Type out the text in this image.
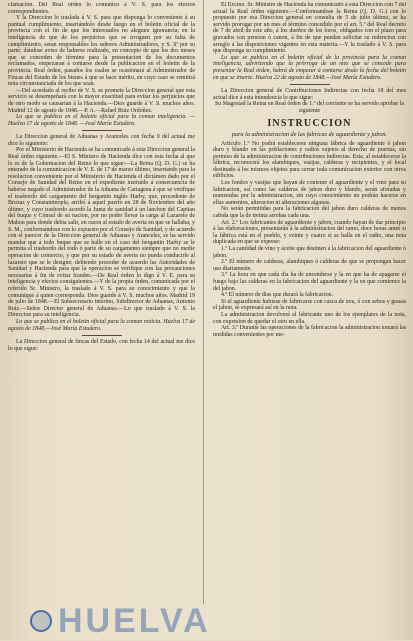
clamacion. Del Real órden lo comunico á V. S. para los efectos correspondientes.

Y la Direccion lo traslada á V. S. para que disponga lo conveniente á su puntual cumplimiento, insertándolo desde luego en el boletin oficial de la provincia con el fin de que los interesados no aleguen ignorancia; en la inteligencia de que de los perjuicios que se irroguen por su falta de cumplimiento, seran responsables los señores Administradores, y S. Sª por su parte; dándose aviso de haberse realizado, en concepto de que los dos meses que se conceden de término para la presentacion de los documentos reclamados, empezaran á contarse desde la publicacion en el boletin de la provincia. Real órden, pasados los cuales se ocasionará al Administrador de Fincas del Estado de los bienes á que se hace mérito, en cuyo caso se remitirá nota circunstanciada de los que sean.

—Del acordado al recibo de V. S. se promete la Direccion general que esta servicio se desempeñará con la mayor exactitud para evitar los perjuicios que de otro modo se causarian á la Hacienda.—Dios guarde á V. S. muchos años. Madrid 12 de agosto de 1848.—P. A.—Rafael Ruiz Ordoñez.

Lo que se publica en el boletin oficial para la comun inteligencia. —Huelva 17 de agosto de 1848. —José María Estudero.

La Direccion general de Aduanas y Aranceles con fecha 9 del actual me dice lo siguiente:

Por el Ministerio de Hacienda se ha comunicado á esta Direccion general la Real órden siguiente.—El S. Ministro de Hacienda dice con esta fecha al que lo es de la Gobernacion del Reino lo que sigue:—La Reina (Q. D. G.) se ha enterado de la comunicacion de V. E. de 17 de marzo último, insertando para la resolucion conveniente por el Ministerio de Hacienda el dictámen dado por el Consejo de Sanidad del Reino en el expediente instruido á consecuencia de haberse negado el Administrador de la Aduana de Cartagena á que se verifique el trasbordo del cargamento del bergantin inglés Harby, que, procedente de Bruxas y Constantinopla, arribó á aquel puerto en 28 de Noviembre del año último, y cuyo trasbordo acordó la Junta de sanidad á un lanchon del Capitan del buque y Cónsul de su nacion, por no poder llevar la carga al Lazareto de Mahon para donde debia salir, en razon al estado de averia en que se hallaba; y S. M., conformándose con lo expuesto por el Consejo de Sanidad, y de acuerdo con el parecer de la Direccion general de Aduanas y Aranceles, se ha servido mandar que á todo buque que se halle en el caso del bergantin Harby se le permita el trasbordo del todo ó parte de su cargamento siempre que no medie operacion de comercio, y que por su estado de averia no pueda conducirle al lazareto que se le designe; debiendo proceder de acuerdo las Autoridades de Sanidad y Hacienda para que la operacion se verifique con las precauciones necesarias á fin de evitar fraudes.—De Real órden lo digo á V. E. para su inteligencia y efectos consiguientes.—Y de la propia órden, comunicada por el referido Sr. Ministro, la traslado á V. S. para su conocimiento y que la comunique á quien corresponda. Dios guarde á V. S. muchos años. Madrid 19 de julio de 1848.—El Subsecretario interino, Subdirector de Aduanas, Antonio Ruiz.—Señor Director general de Aduanas.—Lo que traslado á V. S. la Direccion para su inteligencia.

Lo que se publica en el boletin oficial para la comun noticia. Huelva 17 de agosto de 1848.—José María Estudero.

La Direccion general de fincas del Estado, con fecha 14 del actual me dice lo que sigue:

El Excmo. Sr. Ministro de Hacienda ha comunicado á esta Direccion con 7 del actual la Real órden siguiente.—Conformandose la Reina (Q. D. G.) con lo propuesto por esa Direccion general en consulta de 5 de julio último, se ha servido prorogar por un mes el término concedido por el art. 5.º del Real decreto de 7 de abril de este año, á los dueños de los foros, obligados con el plazo para gravados con pension ó canon, á fin de que puedan solicitar su redencion con arreglo á las disposiciones vigentes en esta materia.—Y la traslado á V. S. para que disponga su cumplimiento.

Lo que se publica en el boletin oficial de la provincia para la comun inteligencia, advirtiendo que la prórroga de un mes que se concede para presentar la Real órden, habrá de empezar á contarse desde la fecha del boletin en que se inserte. Huelva 22 de agosto de 1848.—José María Estudero.

La Direccion general de Contribuciones Indirectas con fecha 18 del mes actual dice á esta intendencia lo que sigue:

Su Magestad la Reina en Real órden de 1.º del corriente se ha servido aprobar la siguiente

INSTRUCCION
para la administracion de las fabricas de aguardiente y jabon.

Artículo 1.º No podrá establecerse ninguna fábrica de aguardiente ó jabon duro y blando en las poblaciones y radios sujetos al derecho de puertas, sin permiso de la administracion de contribuciones indirectas. Esta, al establecerse la fábrica, reconocerá los alambiques, vasijas, calderas y recipientes, y el local destinado á los mismos objetos para cerrar toda comunicacion exterior con otros edificios.

Los fondos y vasijas que hayan de contener el aguardiente y el vino para su fabricacion, así como las calderas de jabon duro y blando, serán aforadas y numeradas por la administracion, sin cuyo conocimiento no podrán hacerse en ellas aumentos, alteracion ni alteraciones algunas.

No serán permitidas para la fabricacion del jabon duro calderas de menos cabida que la de treinta arrobas cada una.

Art. 2.º Los fabricantes de aguardiente y jabon, cuando hayan de dar principio á las elaboraciones, presentarán á la administracion del ramo, doce horas antes si la fábrica está en el pueblo, y veinte y cuatro si se halla en el radio, una nota duplicada en que se exprese:

1.º La cantidad de vino y aceite que destinen á la fabricacion del aguardiente ó jabon.

2.º El número de calderas, alambiques ó calderas de que se propongan hacer uso diariamente.

3.º La hora en que cada dia ha de encenderse y la en que ha de apagarse el fuego bajo las calderas en la fabricacion del aguardiente y la en que comience la del jabon.

4.º El número de dias que durará la fabricacion.

Si el aguardiente hubiese de fabricarse con casca de uva, ó con sebos y grasas el jabon, se expresará así en la nota.

La administracion devolverá al fabricante uno de los ejemplares de la nota, con expresion de quedar el otro en ella.

Art. 3.º Durante las operaciones de la fabricacion la administracion tomará las medidas convenientes por me-

HUELVA
